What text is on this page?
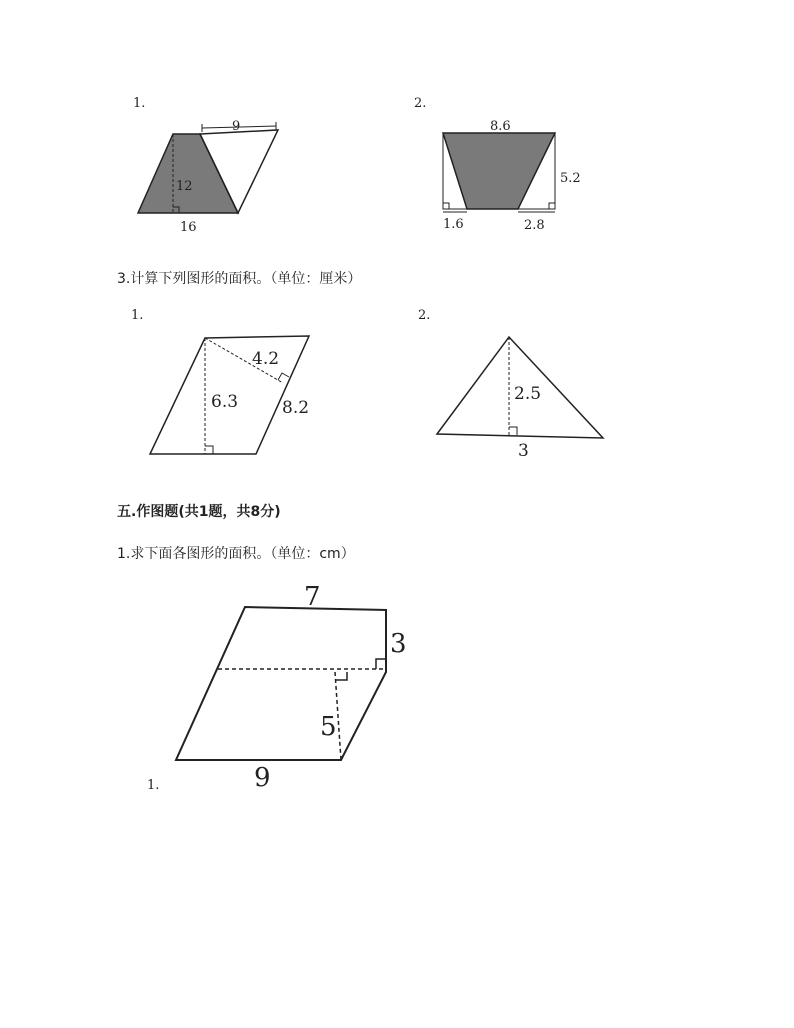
1.	2.
9
12
16
8.6
5.2
1.6	2.8
4.2
6.3	8.2
2.5
3
7
3
5
9
3.计算下列图形的面积。（单位：厘米）
1.	2.
五.作图题(共1题，共8分)
1.求下面各图形的面积。（单位：cm）
1.
